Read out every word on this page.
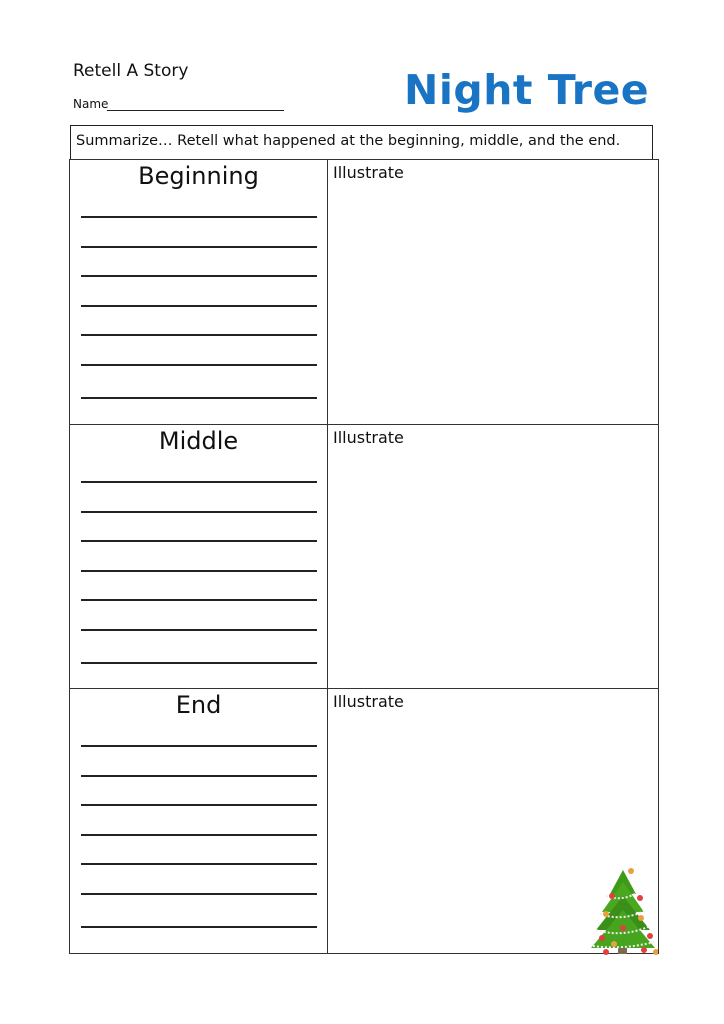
Retell A Story
Name	Night Tree
Summarize… Retell what happened at the beginning, middle, and the end.
Beginning	Illustrate
Middle	Illustrate
End	Illustrate
